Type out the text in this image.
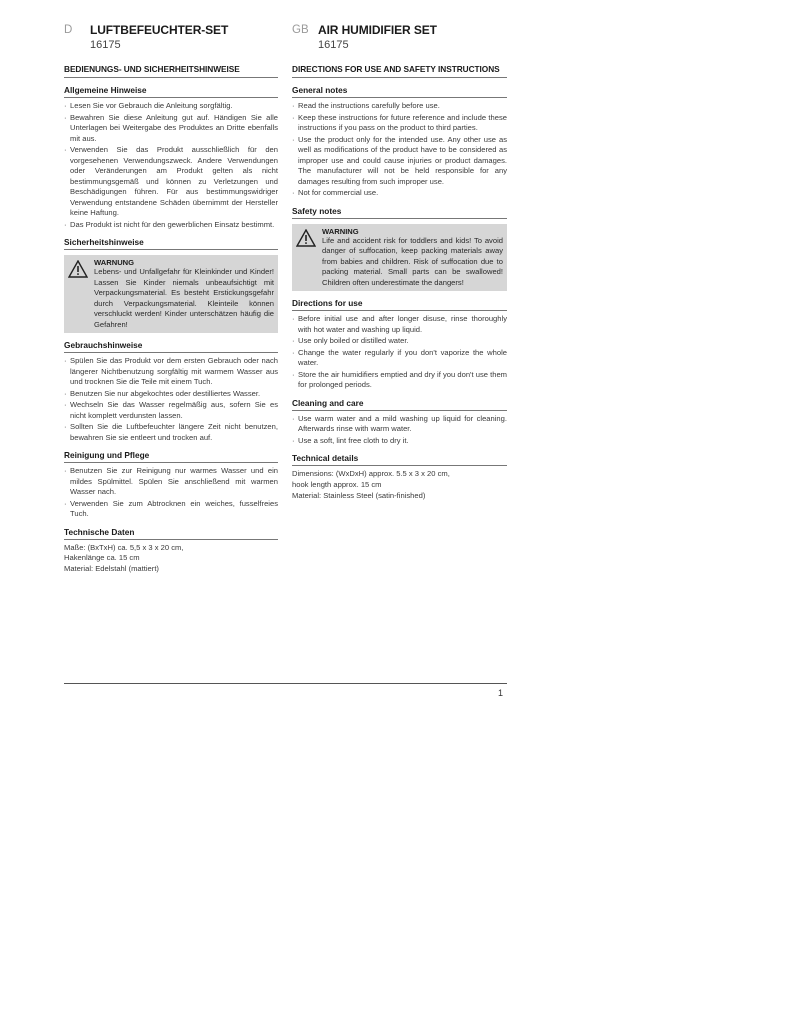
D LUFTBEFEUCHTER-SET
16175
BEDIENUNGS- UND SICHERHEITSHINWEISE
Allgemeine Hinweise
· Lesen Sie vor Gebrauch die Anleitung sorgfältig.
· Bewahren Sie diese Anleitung gut auf. Händigen Sie alle Unterlagen bei Weitergabe des Produktes an Dritte ebenfalls mit aus.
· Verwenden Sie das Produkt ausschließlich für den vorgesehenen Verwendungszweck. Andere Verwendungen oder Veränderungen am Produkt gelten als nicht bestimmungsgemäß und können zu Verletzungen und Beschädigungen führen. Für aus bestimmungswidriger Verwendung entstandene Schäden übernimmt der Hersteller keine Haftung.
· Das Produkt ist nicht für den gewerblichen Einsatz bestimmt.
Sicherheitshinweise
WARNUNG
Lebens- und Unfallgefahr für Kleinkinder und Kinder! Lassen Sie Kinder niemals unbeaufsichtigt mit Verpackungsmaterial. Es besteht Erstickungsgefahr durch Verpackungsmaterial. Kleinteile können verschluckt werden! Kinder unterschätzen häufig die Gefahren!
Gebrauchshinweise
· Spülen Sie das Produkt vor dem ersten Gebrauch oder nach längerer Nichtbenutzung sorgfältig mit warmem Wasser aus und trocknen Sie die Teile mit einem Tuch.
· Benutzen Sie nur abgekochtes oder destilliertes Wasser.
· Wechseln Sie das Wasser regelmäßig aus, sofern Sie es nicht komplett verdunsten lassen.
· Sollten Sie die Luftbefeuchter längere Zeit nicht benutzen, bewahren Sie sie entleert und trocken auf.
Reinigung und Pflege
· Benutzen Sie zur Reinigung nur warmes Wasser und ein mildes Spülmittel. Spülen Sie anschließend mit warmen Wasser nach.
· Verwenden Sie zum Abtrocknen ein weiches, fusselfreies Tuch.
Technische Daten
Maße: (BxTxH) ca. 5,5 x 3 x 20 cm,
Hakenlänge ca. 15 cm
Material: Edelstahl (mattiert)
GB AIR HUMIDIFIER SET
16175
DIRECTIONS FOR USE AND SAFETY INSTRUCTIONS
General notes
· Read the instructions carefully before use.
· Keep these instructions for future reference and include these instructions if you pass on the product to third parties.
· Use the product only for the intended use. Any other use as well as modifications of the product have to be considered as improper use and could cause injuries or product damages. The manufacturer will not be held responsible for any damages resulting from such improper use.
· Not for commercial use.
Safety notes
WARNING
Life and accident risk for toddlers and kids! To avoid danger of suffocation, keep packing materials away from babies and children. Risk of suffocation due to packing material. Small parts can be swallowed! Children often underestimate the dangers!
Directions for use
· Before initial use and after longer disuse, rinse thoroughly with hot water and washing up liquid.
· Use only boiled or distilled water.
· Change the water regularly if you don't vaporize the whole water.
· Store the air humidifiers emptied and dry if you don't use them for prolonged periods.
Cleaning and care
· Use warm water and a mild washing up liquid for cleaning. Afterwards rinse with warm water.
· Use a soft, lint free cloth to dry it.
Technical details
Dimensions: (WxDxH) approx. 5.5 x 3 x 20 cm,
hook length approx. 15 cm
Material: Stainless Steel (satin-finished)
1
